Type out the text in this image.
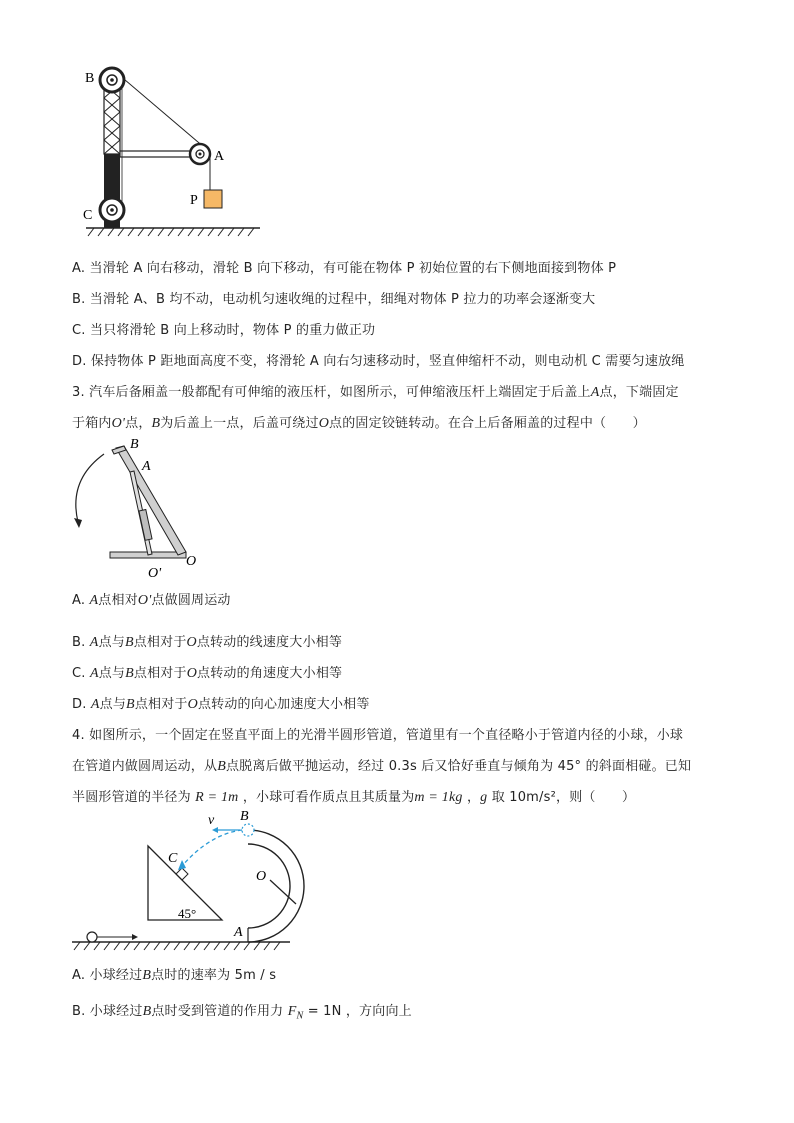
B
A
C
P
A. 当滑轮 A 向右移动，滑轮 B 向下移动，有可能在物体 P 初始位置的右下侧地面接到物体 P
B. 当滑轮 A、B 均不动，电动机匀速收绳的过程中，细绳对物体 P 拉力的功率会逐渐变大
C. 当只将滑轮 B 向上移动时，物体 P 的重力做正功
D. 保持物体 P 距地面高度不变，将滑轮 A 向右匀速移动时，竖直伸缩杆不动，则电动机 C 需要匀速放绳
3. 汽车后备厢盖一般都配有可伸缩的液压杆，如图所示，可伸缩液压杆上端固定于后盖上A点，下端固定
于箱内O'点，B为后盖上一点，后盖可绕过O点的固定铰链转动。在合上后备厢盖的过程中（　　）
B
A
O
O'
A. A点相对O'点做圆周运动
B. A点与B点相对于O点转动的线速度大小相等
C. A点与B点相对于O点转动的角速度大小相等
D. A点与B点相对于O点转动的向心加速度大小相等
4. 如图所示，一个固定在竖直平面上的光滑半圆形管道，管道里有一个直径略小于管道内径的小球，小球
在管道内做圆周运动，从B点脱离后做平抛运动，经过 0.3s 后又恰好垂直与倾角为 45° 的斜面相碰。已知
半圆形管道的半径为 R = 1m ，小球可看作质点且其质量为m = 1kg ，g 取 10m/s²，则（　　）
45°
v B
C
O
A
A. 小球经过B点时的速率为 5m / s
B. 小球经过B点时受到管道的作用力 $F_N = 1N$ ，方向向上
